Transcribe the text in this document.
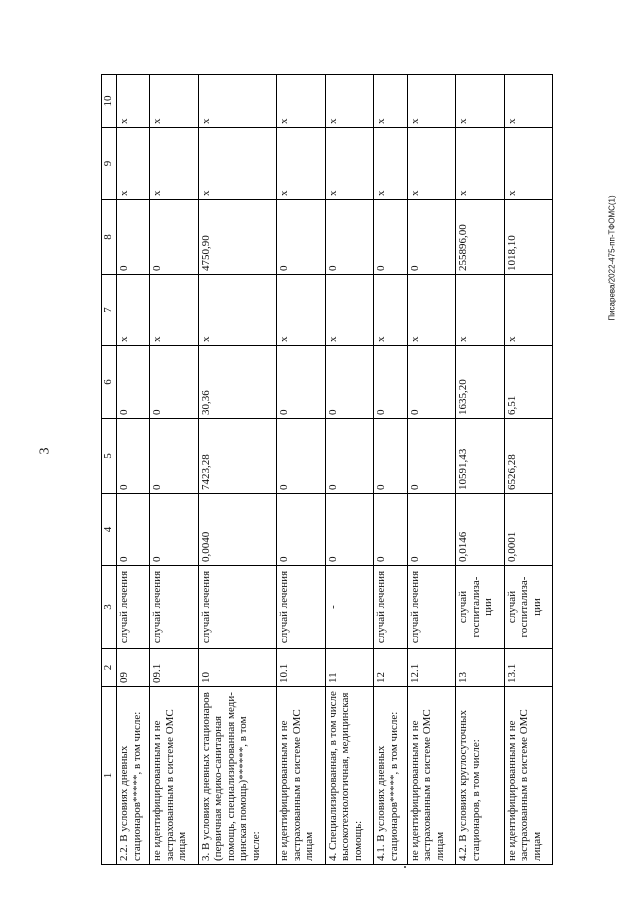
3
Писарева/2022-475-пп-ТФОМС(1)
1	2	3	4	5	6	7	8	9	10
2.2. В условиях дневных стационаров*****, в том числе:	09	случай лечения	0	0	0	х	0	х	х
не идентифицированным и не застрахованным в системе ОМС лицам	09.1	случай лечения	0	0	0	х	0	х	х
3. В условиях дневных стационаров (первичная медико-санитарная помощь, специализированная меди-цинская помощь)******, в том числе:	10	случай лечения	0,0040	7423,28	30,36	х	4750,90	х	х
не идентифицированным и не застрахованным в системе ОМС лицам	10.1	случай лечения	0	0	0	х	0	х	х
4. Специализированная, в том числе высокотехнологичная, медицинская помощь:	11	-	0	0	0	х	0	х	х
4.1. В условиях дневных стационаров*****, в том числе:	12	случай лечения	0	0	0	х	0	х	х
не идентифицированным и не застрахованным в системе ОМС лицам	12.1	случай лечения	0	0	0	х	0	х	х
4.2. В условиях круглосуточных стационаров, в том числе:	13	случай госпитализа-ции	0,0146	10591,43	1635,20	х	255896,00	х	х
не идентифицированным и не застрахованным в системе ОМС лицам	13.1	случай госпитализа-ции	0,0001	6526,28	6,51	х	1018,10	х	х
